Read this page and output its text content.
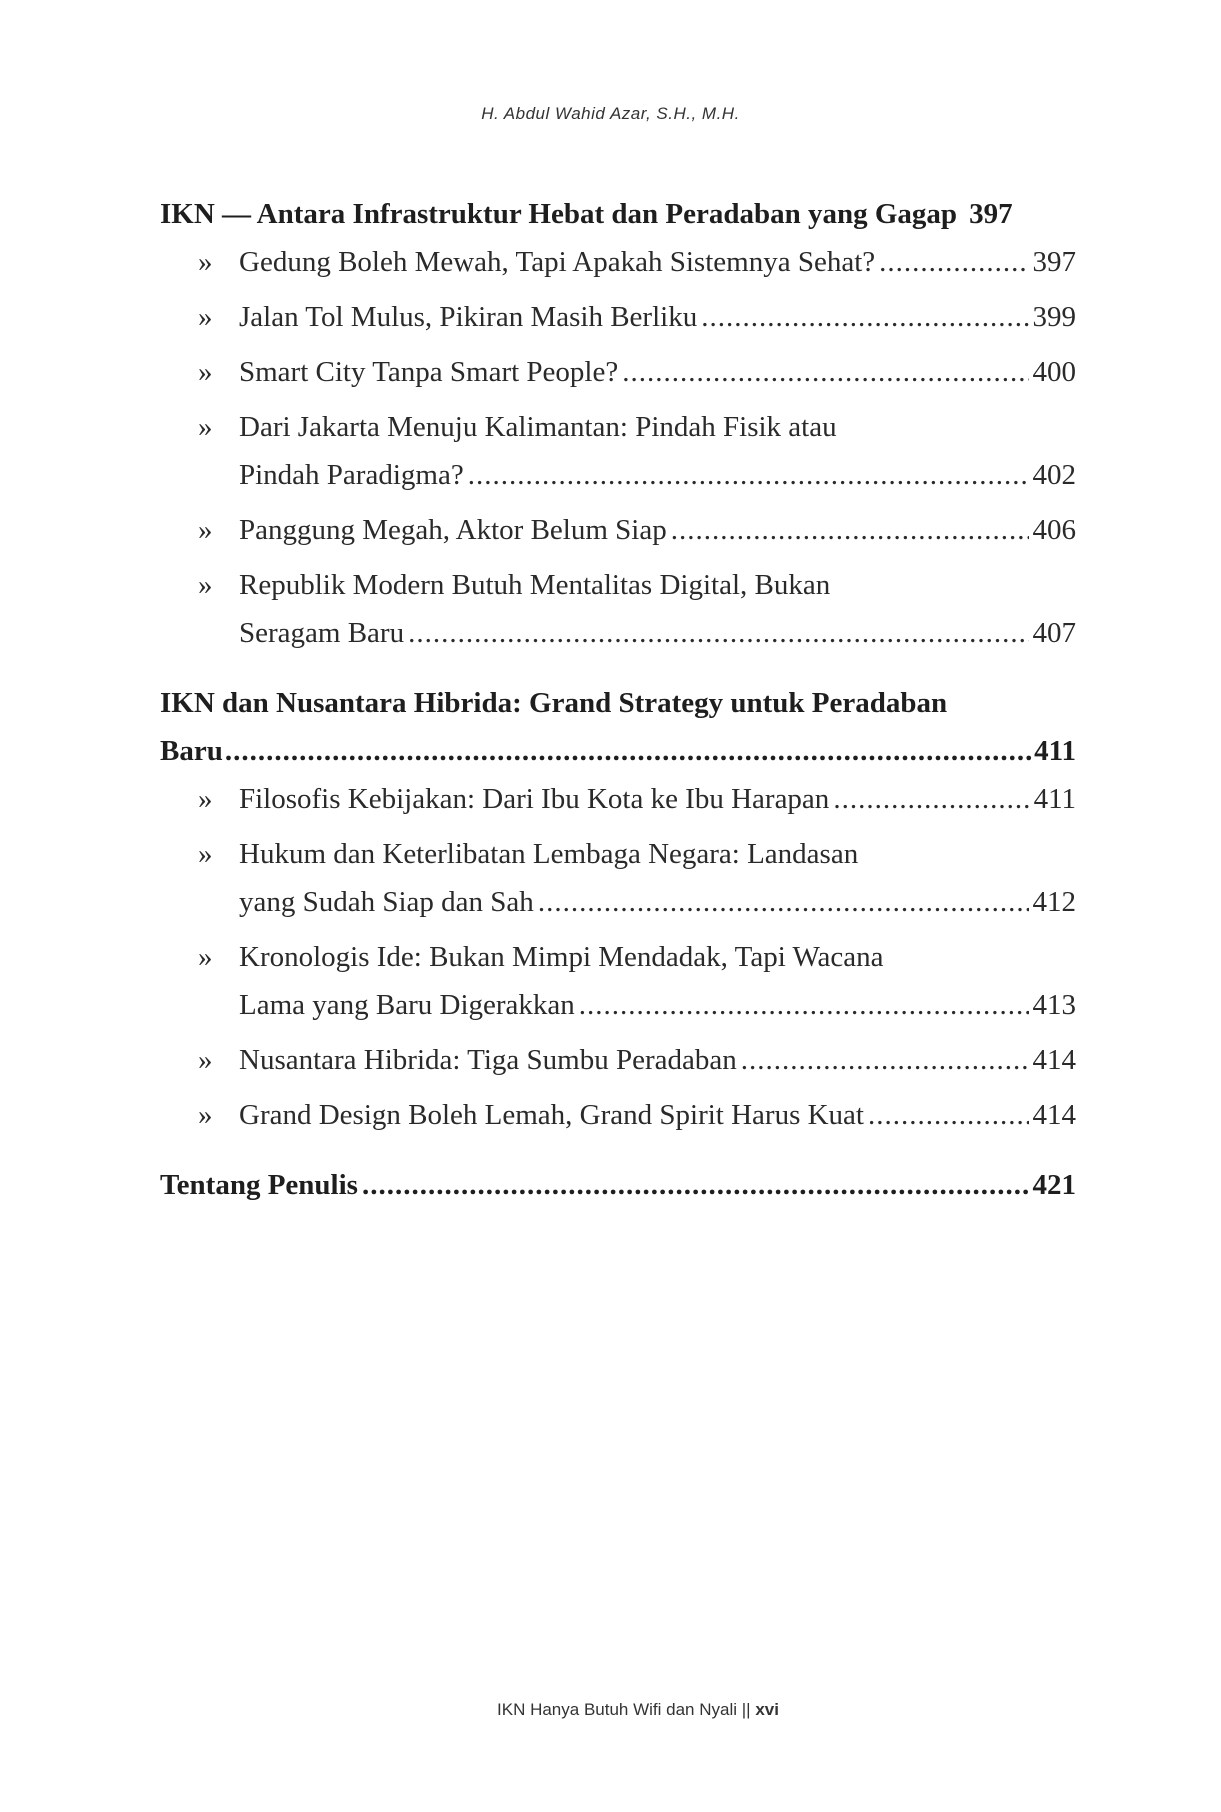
H. Abdul Wahid Azar, S.H., M.H.
IKN — Antara Infrastruktur Hebat dan Peradaban yang Gagap 397
» Gedung Boleh Mewah, Tapi Apakah Sistemnya Sehat? .....	397
» Jalan Tol Mulus, Pikiran Masih Berliku .....	399
» Smart City Tanpa Smart People? .....	400
» Dari Jakarta Menuju Kalimantan: Pindah Fisik atau
Pindah Paradigma? .....	402
» Panggung Megah, Aktor Belum Siap .....	406
» Republik Modern Butuh Mentalitas Digital, Bukan
Seragam Baru .....	407
IKN dan Nusantara Hibrida: Grand Strategy untuk Peradaban
Baru .....	411
» Filosofis Kebijakan: Dari Ibu Kota ke Ibu Harapan .....	411
» Hukum dan Keterlibatan Lembaga Negara: Landasan
yang Sudah Siap dan Sah .....	412
» Kronologis Ide: Bukan Mimpi Mendadak, Tapi Wacana
Lama yang Baru Digerakkan .....	413
» Nusantara Hibrida: Tiga Sumbu Peradaban .....	414
» Grand Design Boleh Lemah, Grand Spirit Harus Kuat .....	414
Tentang Penulis .....	421
IKN Hanya Butuh Wifi dan Nyali || xvi
